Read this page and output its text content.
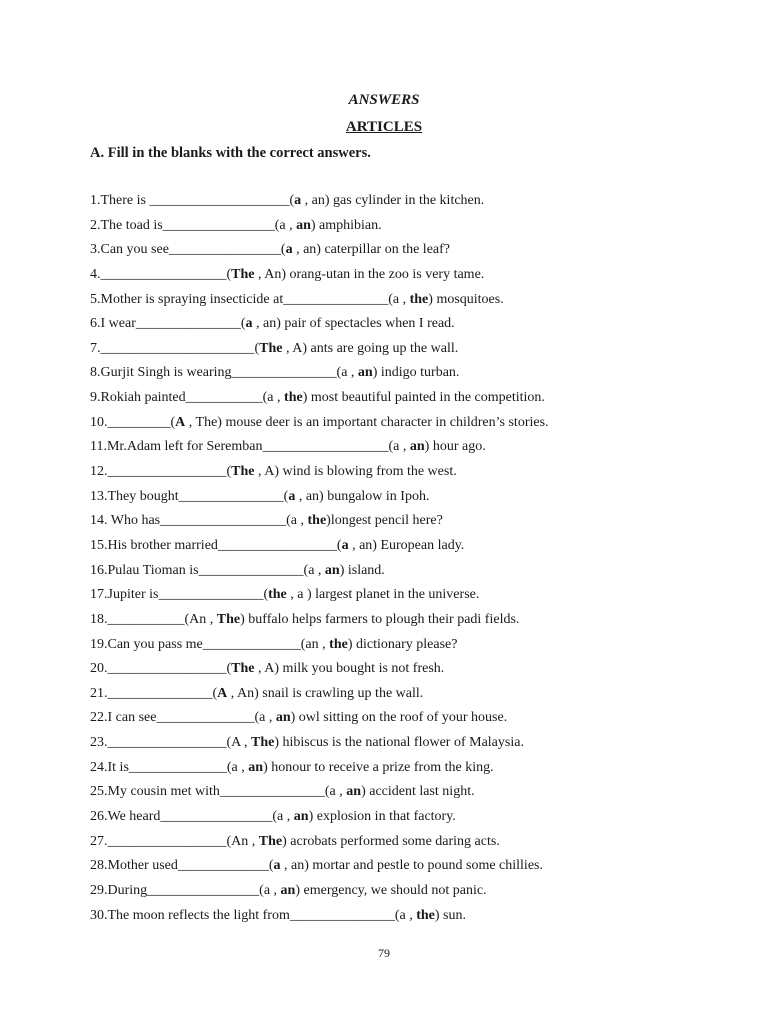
ANSWERS
ARTICLES
A. Fill in the blanks with the correct answers.
1.There is ____________________(a , an) gas cylinder in the kitchen.
2.The toad is________________(a , an) amphibian.
3.Can you see________________(a , an) caterpillar on the leaf?
4.__________________(The , An) orang-utan in the zoo is very tame.
5.Mother is spraying insecticide at_______________(a , the) mosquitoes.
6.I wear_______________(a , an) pair of spectacles when I read.
7.______________________(The , A) ants are going up the wall.
8.Gurjit Singh is wearing_______________(a , an) indigo turban.
9.Rokiah painted___________(a , the) most beautiful painted in the competition.
10._________(A , The) mouse deer is an important character in children’s stories.
11.Mr.Adam left for Seremban__________________(a , an) hour ago.
12._________________(The , A) wind is blowing from the west.
13.They bought_______________(a , an) bungalow in Ipoh.
14. Who has__________________(a , the)longest pencil here?
15.His brother married_________________(a , an) European lady.
16.Pulau Tioman is_______________(a , an) island.
17.Jupiter is_______________(the , a ) largest planet in the universe.
18.___________(An , The) buffalo helps farmers to plough their padi fields.
19.Can you pass me______________(an , the) dictionary please?
20._________________(The , A) milk you bought is not fresh.
21._______________(A , An) snail is crawling up the wall.
22.I can see______________(a , an) owl sitting on the roof of your house.
23._________________(A , The) hibiscus is the national flower of Malaysia.
24.It is______________(a , an) honour to receive a prize from the king.
25.My cousin met with_______________(a , an) accident last night.
26.We heard________________(a , an) explosion in that factory.
27._________________(An , The) acrobats performed some daring acts.
28.Mother used_____________(a , an) mortar and pestle to pound some chillies.
29.During________________(a , an) emergency, we should not panic.
30.The moon reflects the light from_______________(a , the) sun.
79
